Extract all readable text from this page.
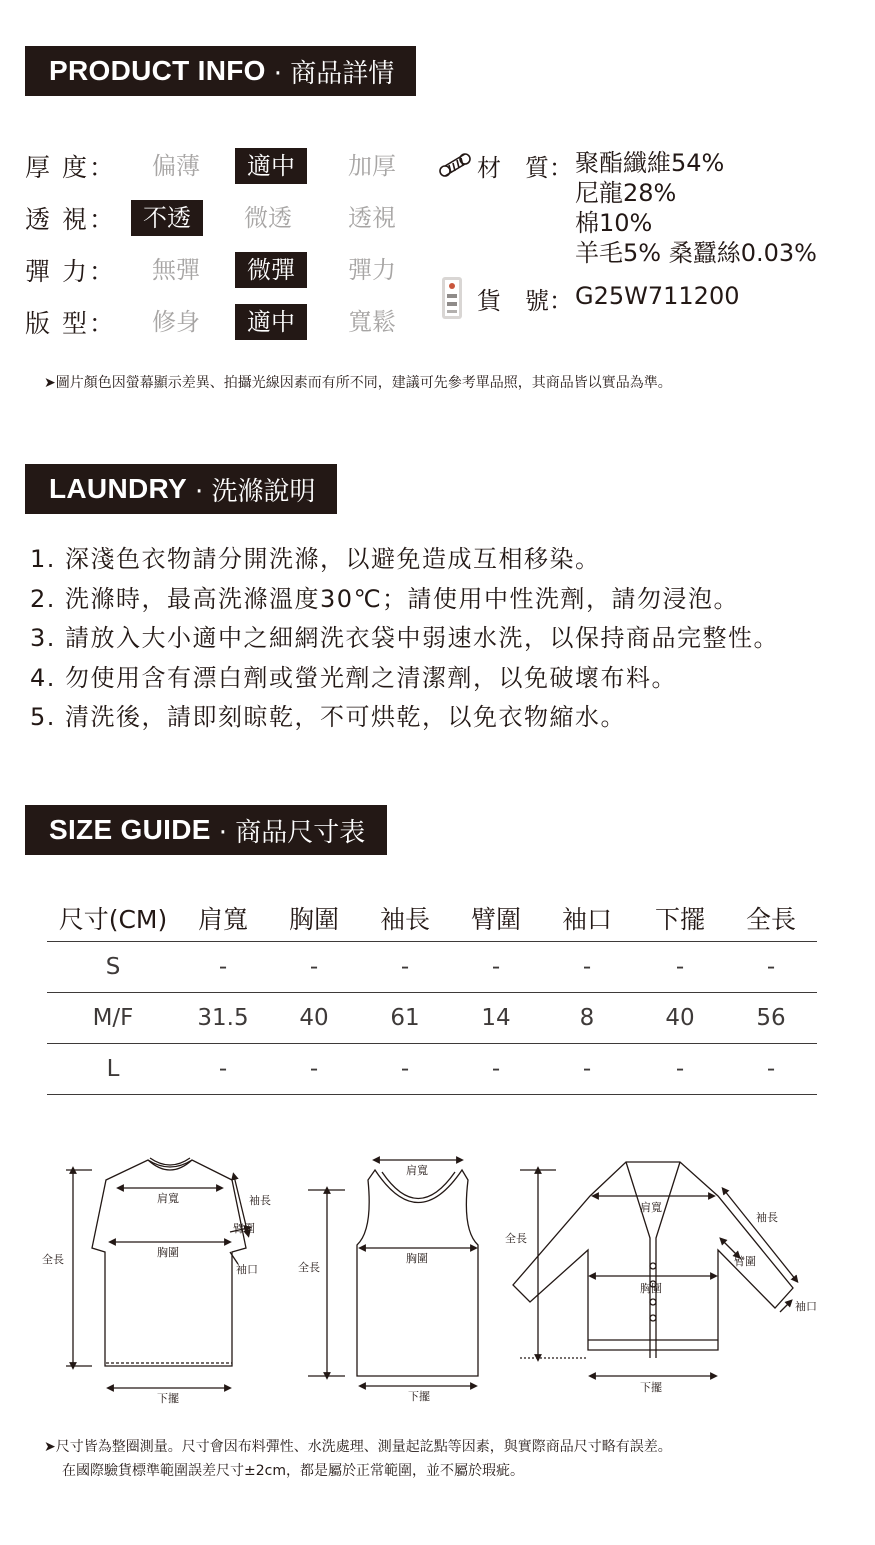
PRODUCT INFO · 商品詳情
厚 度：	偏薄	適中	加厚
透 視：	不透	微透	透視
彈 力：	無彈	微彈	彈力
版 型：	修身	適中	寬鬆
材　質： 聚酯纖維54%
尼龍28%
棉10%
羊毛5% 桑蠶絲0.03%
貨　號： G25W711200
➤圖片顏色因螢幕顯示差異、拍攝光線因素而有所不同，建議可先參考單品照，其商品皆以實品為準。
LAUNDRY · 洗滌說明
1. 深淺色衣物請分開洗滌，以避免造成互相移染。
2. 洗滌時，最高洗滌溫度30℃；請使用中性洗劑，請勿浸泡。
3. 請放入大小適中之細網洗衣袋中弱速水洗，以保持商品完整性。
4. 勿使用含有漂白劑或螢光劑之清潔劑，以免破壞布料。
5. 清洗後，請即刻晾乾，不可烘乾，以免衣物縮水。
SIZE GUIDE · 商品尺寸表
尺寸(CM)	肩寬	胸圍	袖長	臂圍	袖口	下擺	全長
S	-	-	-	-	-	-	-
M/F	31.5	40	61	14	8	40	56
L	-	-	-	-	-	-	-
肩寬	袖長
臂圍
胸圍
袖口
全長
下擺
肩寬
胸圍
全長
下擺
肩寬
袖長
臂圍
胸圍
袖口
全長
下擺
➤尺寸皆為整圈測量。尺寸會因布料彈性、水洗處理、測量起訖點等因素，與實際商品尺寸略有誤差。
在國際驗貨標準範圍誤差尺寸±2cm，都是屬於正常範圍，並不屬於瑕疵。
